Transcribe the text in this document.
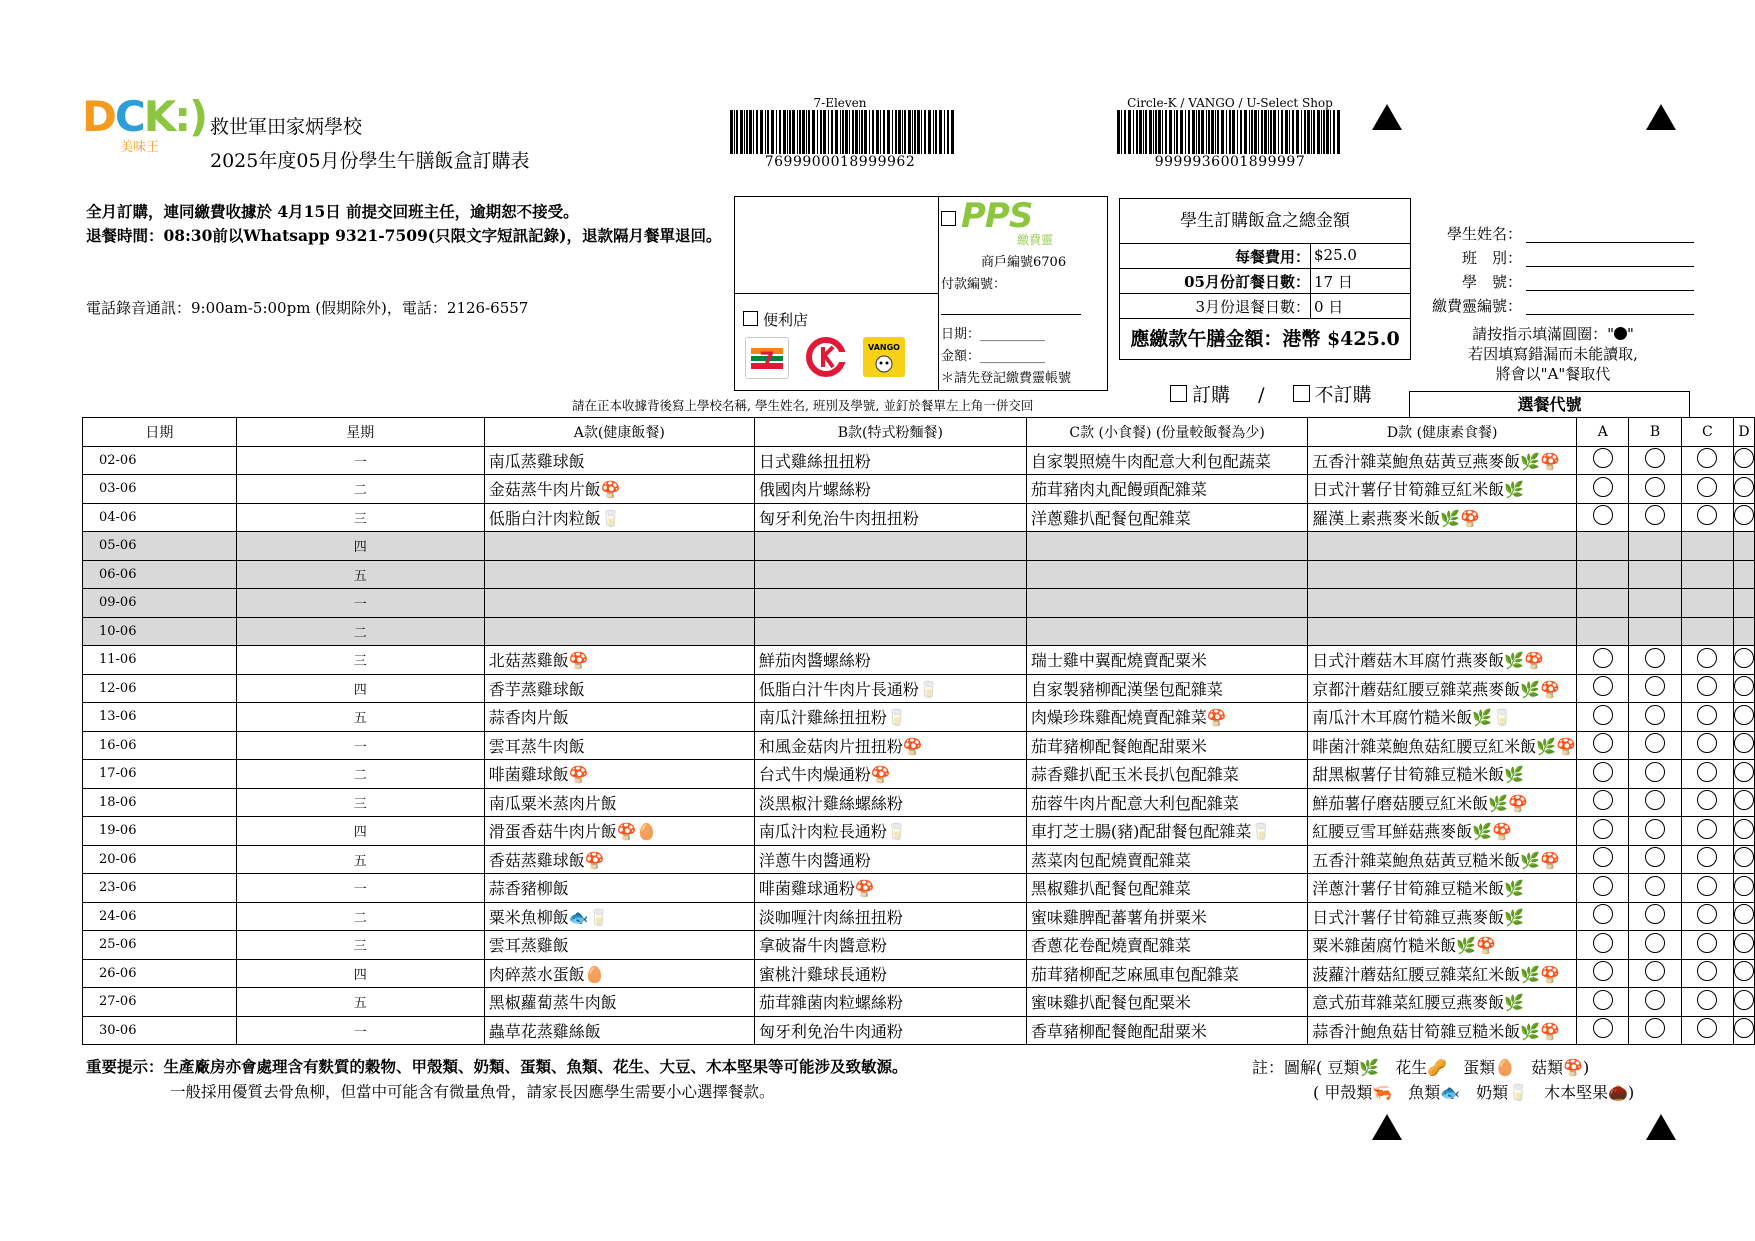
DCK:)
美味王
救世軍田家炳學校
2025年度05月份學生午膳飯盒訂購表
全月訂購，連同繳費收據於 4月15日 前提交回班主任，逾期恕不接受。
退餐時間：08:30前以Whatsapp 9321-7509(只限文字短訊記錄)，退款隔月餐單退回。
電話錄音通訊：9:00am-5:00pm (假期除外)，電話：2126-6557
7-Eleven
7699900018999962
Circle-K / VANGO / U-Select Shop
9999936001899997
便利店
7
VANGO
PPS
繳費靈
商戶編號6706
付款編號：
日期：__________
金額：__________
＊請先登記繳費靈帳號
學生訂購飯盒之總金額
每餐費用： $25.0
05月份訂餐日數： 17 日
3月份退餐日數： 0 日
應繳款午膳金額：港幣 $425.0
學生姓名：
班　別：
學　號：
繳費靈編號：
請按指示填滿圓圈：" "
若因填寫錯漏而未能讀取,
將會以"A"餐取代
訂購 /	不訂購
請在正本收據背後寫上學校名稱, 學生姓名, 班別及學號, 並釘於餐單左上角一併交回	選餐代號
日期	星期	A款(健康飯餐)	B款(特式粉麵餐)	C款 (小食餐) (份量較飯餐為少)	D款 (健康素食餐)	A	B	C	D
02-06	一	南瓜蒸雞球飯	日式雞絲扭扭粉	自家製照燒牛肉配意大利包配蔬菜	五香汁雜菜鮑魚菇黃豆燕麥飯🌿🍄				
03-06	二	金菇蒸牛肉片飯🍄	俄國肉片螺絲粉	茄茸豬肉丸配饅頭配雜菜	日式汁薯仔甘筍雜豆紅米飯🌿				
04-06	三	低脂白汁肉粒飯🥛	匈牙利免治牛肉扭扭粉	洋蔥雞扒配餐包配雜菜	羅漢上素燕麥米飯🌿🍄				
05-06	四								
06-06	五								
09-06	一								
10-06	二								
11-06	三	北菇蒸雞飯🍄	鮮茄肉醬螺絲粉	瑞士雞中翼配燒賣配粟米	日式汁蘑菇木耳腐竹燕麥飯🌿🍄				
12-06	四	香芋蒸雞球飯	低脂白汁牛肉片長通粉🥛	自家製豬柳配漢堡包配雜菜	京都汁蘑菇紅腰豆雜菜燕麥飯🌿🍄				
13-06	五	蒜香肉片飯	南瓜汁雞絲扭扭粉🥛	肉燥珍珠雞配燒賣配雜菜🍄	南瓜汁木耳腐竹糙米飯🌿🥛				
16-06	一	雲耳蒸牛肉飯	和風金菇肉片扭扭粉🍄	茄茸豬柳配餐飽配甜粟米	啡菌汁雜菜鮑魚菇紅腰豆紅米飯🌿🍄				
17-06	二	啡菌雞球飯🍄	台式牛肉燥通粉🍄	蒜香雞扒配玉米長扒包配雜菜	甜黑椒薯仔甘筍雜豆糙米飯🌿				
18-06	三	南瓜粟米蒸肉片飯	淡黑椒汁雞絲螺絲粉	茄蓉牛肉片配意大利包配雜菜	鮮茄薯仔磨菇腰豆紅米飯🌿🍄				
19-06	四	滑蛋香菇牛肉片飯🍄🥚	南瓜汁肉粒長通粉🥛	車打芝士腸(豬)配甜餐包配雜菜🥛	紅腰豆雪耳鮮菇燕麥飯🌿🍄				
20-06	五	香菇蒸雞球飯🍄	洋蔥牛肉醬通粉	蒸菜肉包配燒賣配雜菜	五香汁雜菜鮑魚菇黃豆糙米飯🌿🍄				
23-06	一	蒜香豬柳飯	啡菌雞球通粉🍄	黑椒雞扒配餐包配雜菜	洋蔥汁薯仔甘筍雜豆糙米飯🌿				
24-06	二	粟米魚柳飯🐟🥛	淡咖喱汁肉絲扭扭粉	蜜味雞脾配蕃薯角拼粟米	日式汁薯仔甘筍雜豆燕麥飯🌿				
25-06	三	雲耳蒸雞飯	拿破崙牛肉醬意粉	香蔥花卷配燒賣配雜菜	粟米雜菌腐竹糙米飯🌿🍄				
26-06	四	肉碎蒸水蛋飯🥚	蜜桃汁雞球長通粉	茄茸豬柳配芝麻風車包配雜菜	菠蘿汁蘑菇紅腰豆雜菜紅米飯🌿🍄				
27-06	五	黑椒蘿蔔蒸牛肉飯	茄茸雜菌肉粒螺絲粉	蜜味雞扒配餐包配粟米	意式茄茸雜菜紅腰豆燕麥飯🌿				
30-06	一	蟲草花蒸雞絲飯	匈牙利免治牛肉通粉	香草豬柳配餐飽配甜粟米	蒜香汁鮑魚菇甘筍雜豆糙米飯🌿🍄				
重要提示：生產廠房亦會處理含有麩質的穀物、甲殼類、奶類、蛋類、魚類、花生、大豆、木本堅果等可能涉及致敏源。
一般採用優質去骨魚柳，但當中可能含有微量魚骨，請家長因應學生需要小心選擇餐款。
註：圖解( 豆類🌿　花生🥜　蛋類🥚　菇類🍄)
( 甲殼類🦐　魚類🐟　奶類🥛　木本堅果🌰)
